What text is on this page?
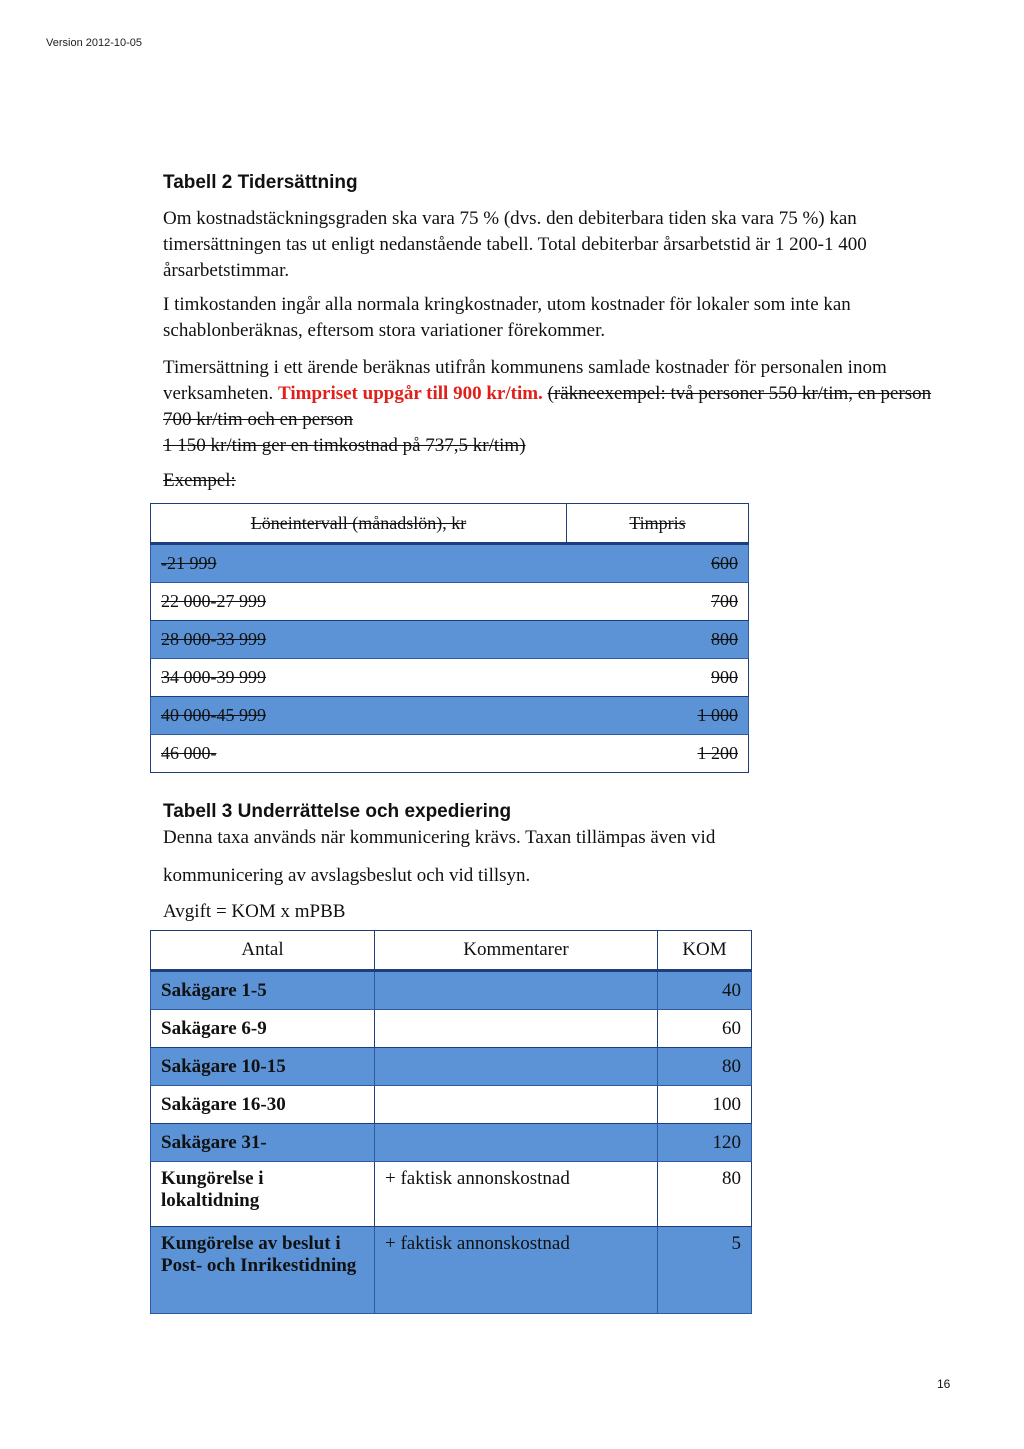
Version 2012-10-05
Tabell 2 Tidersättning
Om kostnadstäckningsgraden ska vara 75 % (dvs. den debiterbara tiden ska vara 75 %) kan timersättningen tas ut enligt nedanstående tabell. Total debiterbar årsarbetstid är 1 200-1 400 årsarbetstimmar.
I timkostanden ingår alla normala kringkostnader, utom kostnader för lokaler som inte kan schablonberäknas, eftersom stora variationer förekommer.
Timersättning i ett ärende beräknas utifrån kommunens samlade kostnader för personalen inom verksamheten. Timpriset uppgår till 900 kr/tim. (räkneexempel: två personer 550 kr/tim, en person 700 kr/tim och en person
1 150 kr/tim ger en timkostnad på 737,5 kr/tim)
Exempel:
Löneintervall (månadslön), kr	Timpris
-21 999	600
22 000-27 999	700
28 000-33 999	800
34 000-39 999	900
40 000-45 999	1 000
46 000-	1 200
Tabell 3 Underrättelse och expediering
Denna taxa används när kommunicering krävs. Taxan tillämpas även vid
kommunicering av avslagsbeslut och vid tillsyn.
Avgift = KOM x mPBB
Antal	Kommentarer	KOM
Sakägare 1-5		40
Sakägare 6-9		60
Sakägare 10-15		80
Sakägare 16-30		100
Sakägare 31-		120
Kungörelse i lokaltidning	+ faktisk annonskostnad	80
Kungörelse av beslut i Post- och Inrikestidning	+ faktisk annonskostnad	5
16
